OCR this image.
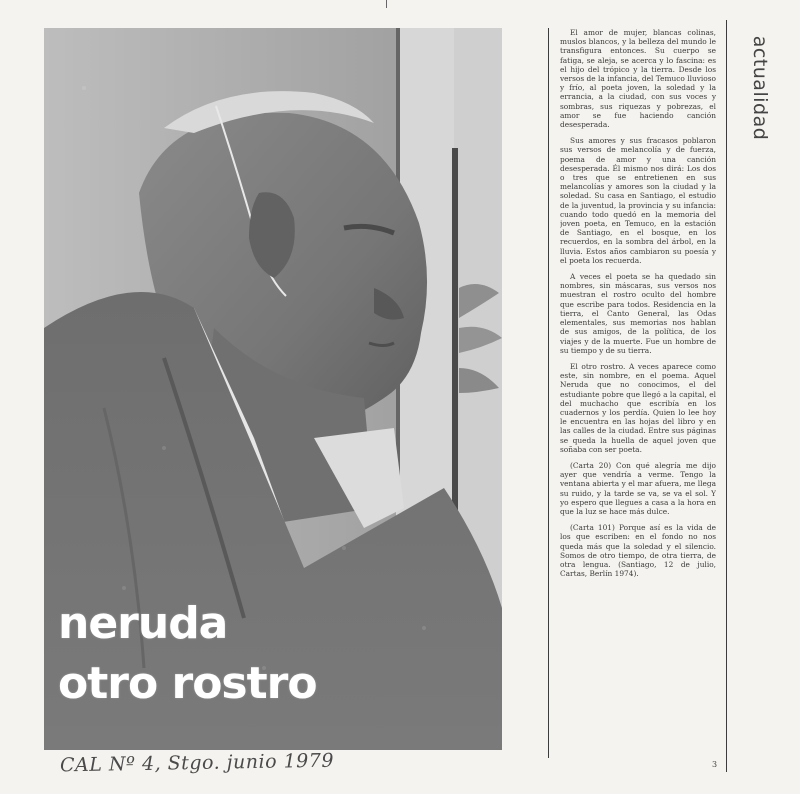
neruda
otro rostro

El amor de mujer, blancas colinas, muslos blancos, y la belleza del mundo le transfigura entonces. Su cuerpo se fatiga, se aleja, se acerca y lo fascina: es el hijo del trópico y la tierra. Desde los versos de la infancia, del Temuco lluvioso y frío, al poeta joven, la soledad y la errancia, a la ciudad, con sus voces y sombras, sus riquezas y pobrezas, el amor se fue haciendo canción desesperada.

Sus amores y sus fracasos poblaron sus versos de melancolía y de fuerza, poema de amor y una canción desesperada. Él mismo nos dirá: Los dos o tres que se entretienen en sus melancolías y amores son la ciudad y la soledad. Su casa en Santiago, el estudio de la juventud, la provincia y su infancia: cuando todo quedó en la memoria del joven poeta, en Temuco, en la estación de Santiago, en el bosque, en los recuerdos, en la sombra del árbol, en la lluvia. Estos años cambiaron su poesía y el poeta los recuerda.

A veces el poeta se ha quedado sin nombres, sin máscaras, sus versos nos muestran el rostro oculto del hombre que escribe para todos. Residencia en la tierra, el Canto General, las Odas elementales, sus memorias nos hablan de sus amigos, de la política, de los viajes y de la muerte. Fue un hombre de su tiempo y de su tierra.

El otro rostro. A veces aparece como este, sin nombre, en el poema. Aquel Neruda que no conocimos, el del estudiante pobre que llegó a la capital, el del muchacho que escribía en los cuadernos y los perdía. Quien lo lee hoy le encuentra en las hojas del libro y en las calles de la ciudad. Entre sus páginas se queda la huella de aquel joven que soñaba con ser poeta.

(Carta 20) Con qué alegría me dijo ayer que vendría a verme. Tengo la ventana abierta y el mar afuera, me llega su ruido, y la tarde se va, se va el sol. Y yo espero que llegues a casa a la hora en que la luz se hace más dulce.

(Carta 101) Porque así es la vida de los que escriben: en el fondo no nos queda más que la soledad y el silencio. Somos de otro tiempo, de otra tierra, de otra lengua. (Santiago, 12 de julio, Cartas, Berlín 1974).

actualidad
3
CAL Nº 4, Stgo. junio 1979
